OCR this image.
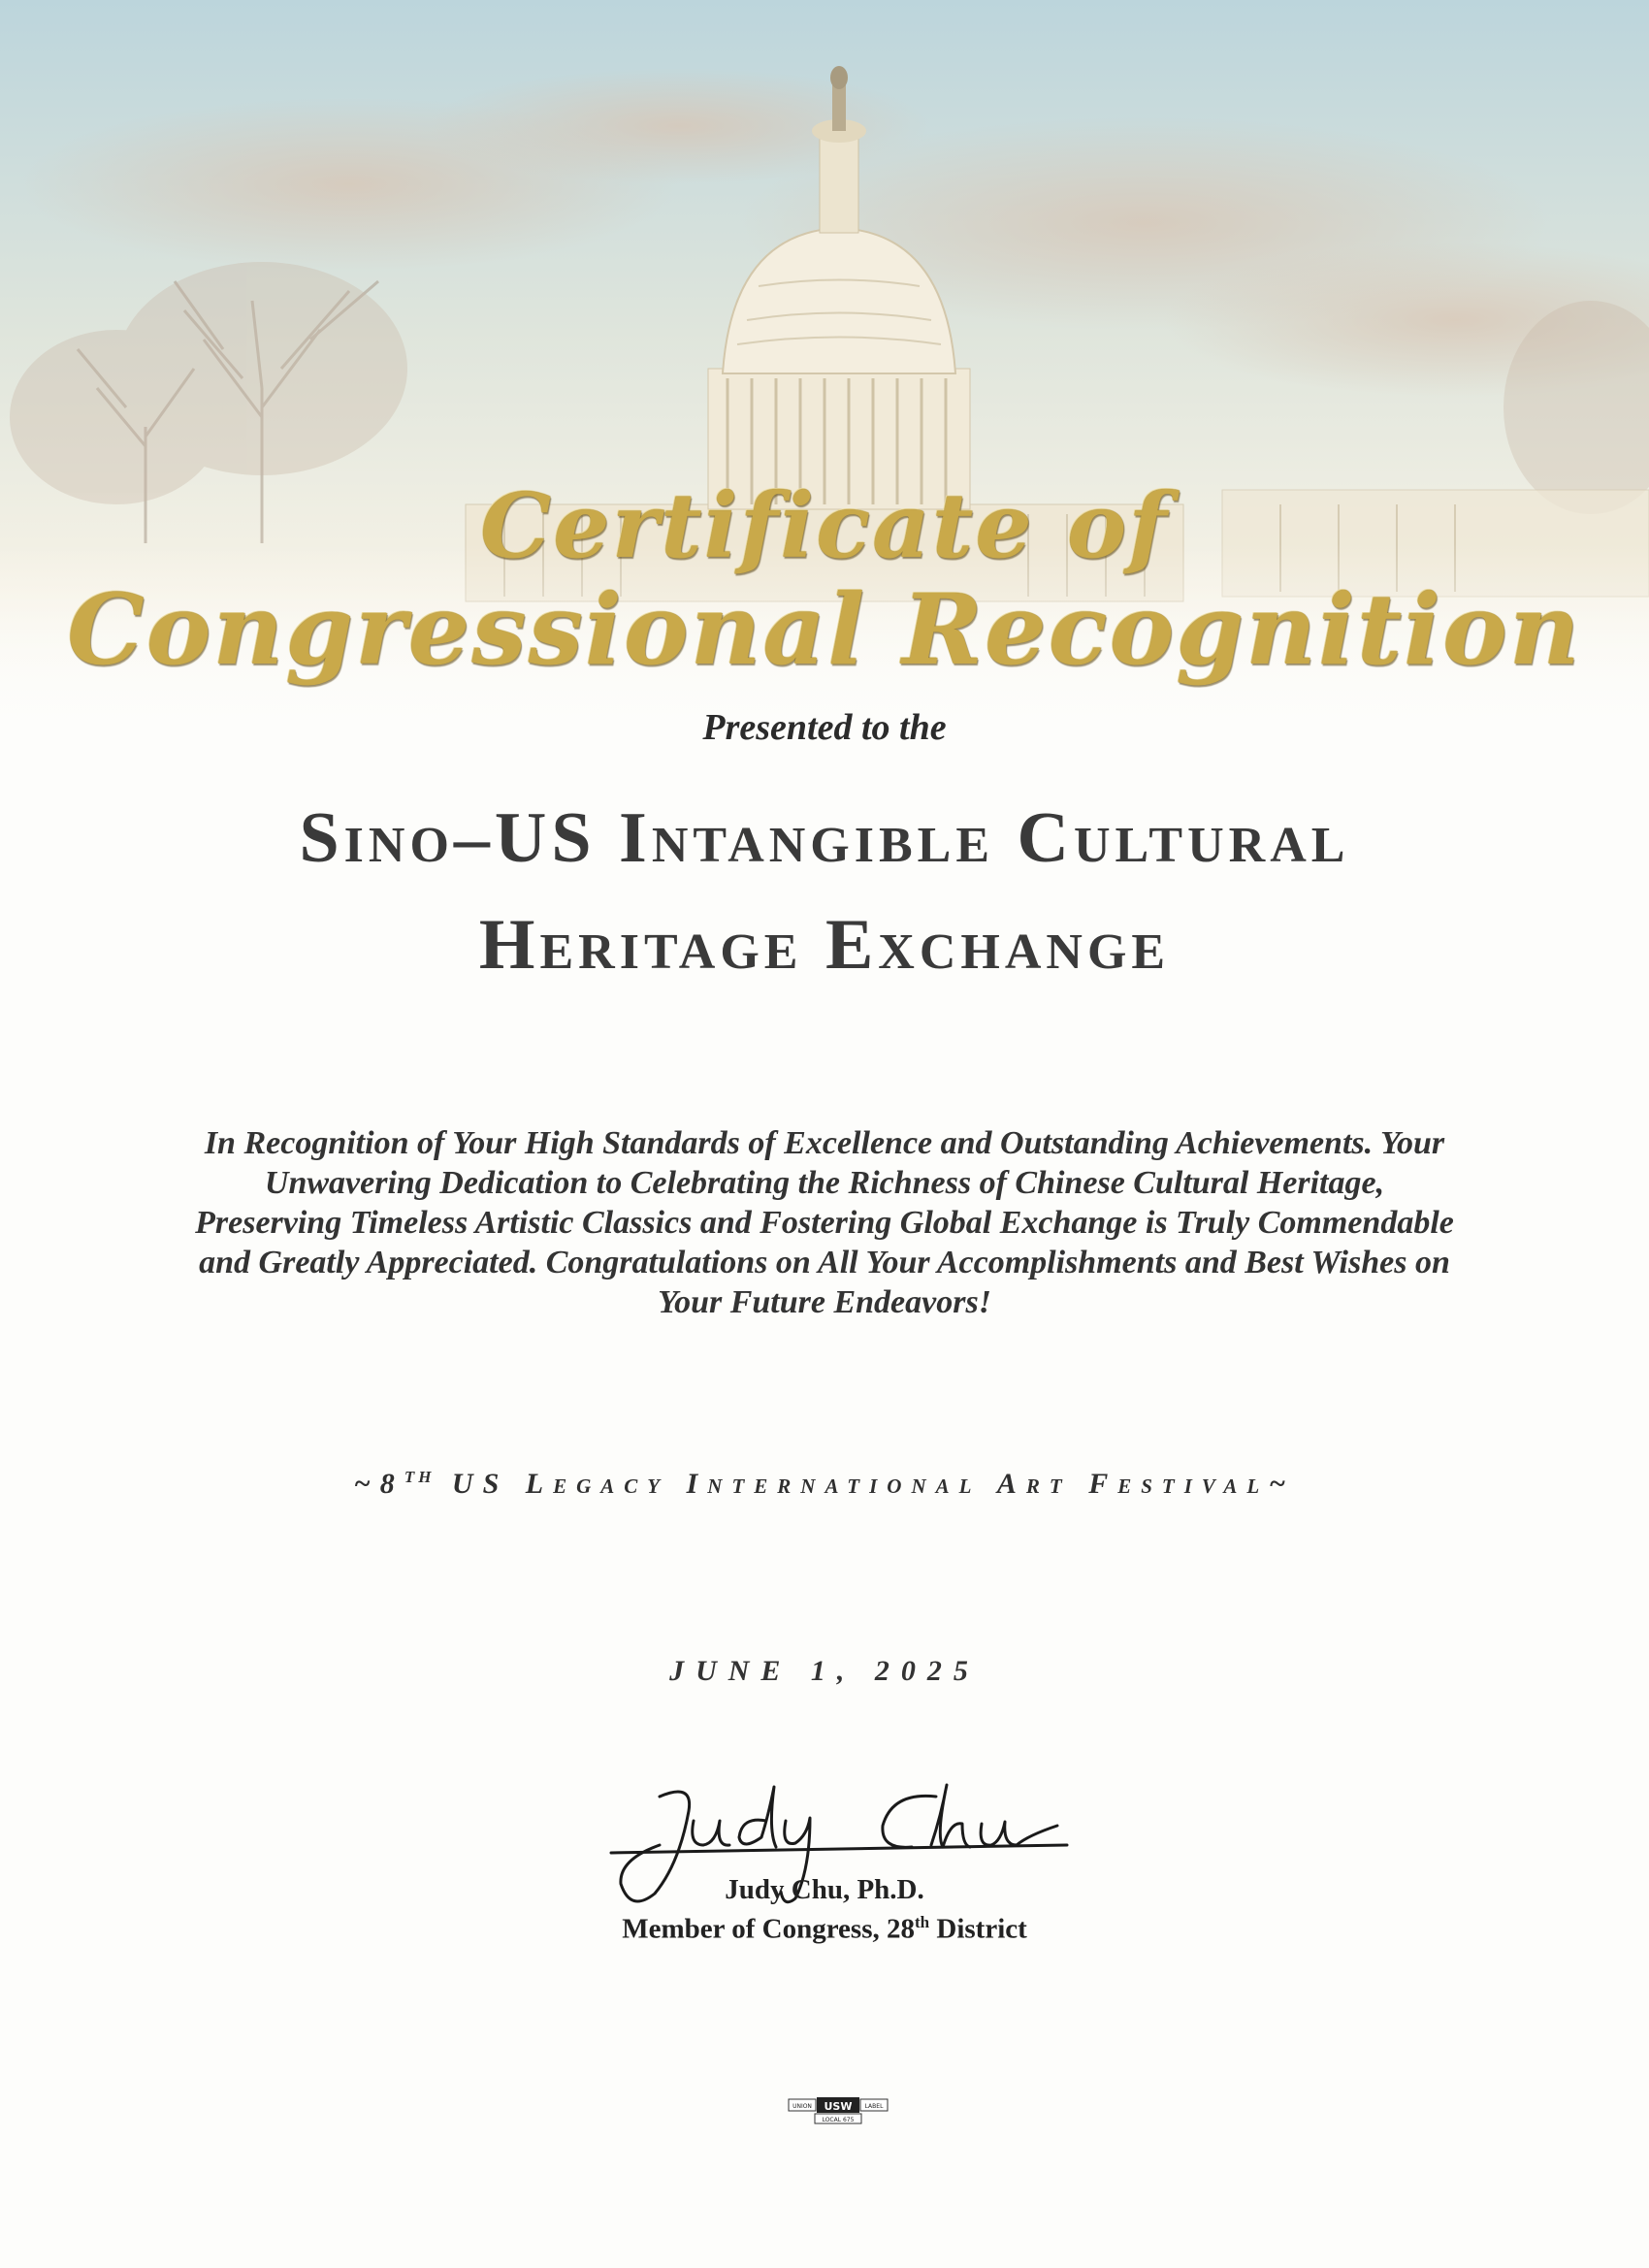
Certificate of
Congressional Recognition
Presented to the
Sino–US Intangible Cultural
Heritage Exchange
In Recognition of Your High Standards of Excellence and Outstanding Achievements. Your Unwavering Dedication to Celebrating the Richness of Chinese Cultural Heritage, Preserving Timeless Artistic Classics and Fostering Global Exchange is Truly Commendable and Greatly Appreciated. Congratulations on All Your Accomplishments and Best Wishes on Your Future Endeavors!
~8TH US Legacy International Art Festival~
JUNE 1, 2025
Judy Chu, Ph.D.
Member of Congress, 28th District
UNION USW LABEL
LOCAL 675
